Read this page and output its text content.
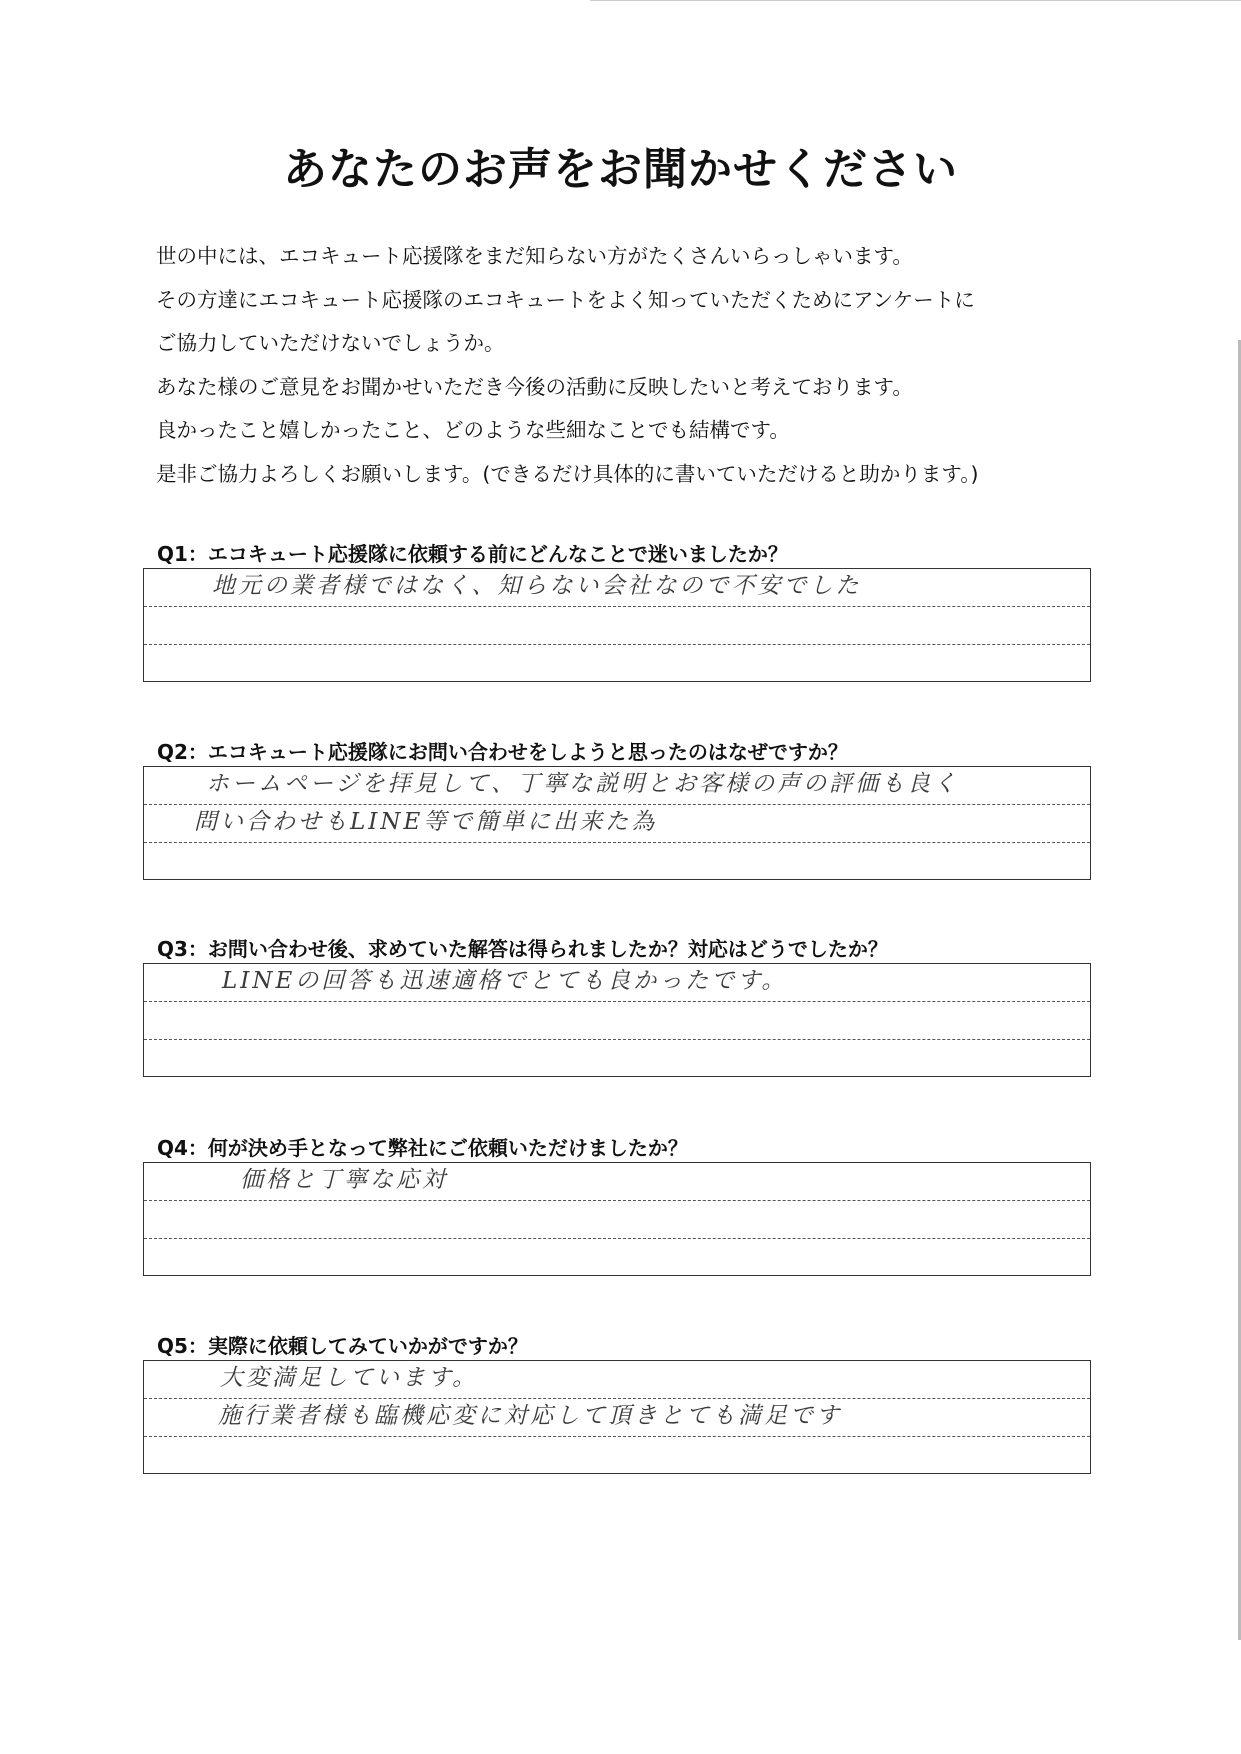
あなたのお声をお聞かせください
世の中には、エコキュート応援隊をまだ知らない方がたくさんいらっしゃいます。
その方達にエコキュート応援隊のエコキュートをよく知っていただくためにアンケートに
ご協力していただけないでしょうか。
あなた様のご意見をお聞かせいただき今後の活動に反映したいと考えております。
良かったこと嬉しかったこと、どのような些細なことでも結構です。
是非ご協力よろしくお願いします。(できるだけ具体的に書いていただけると助かります。)
Q1：エコキュート応援隊に依頼する前にどんなことで迷いましたか？
地元の業者様ではなく、知らない会社なので不安でした
Q2：エコキュート応援隊にお問い合わせをしようと思ったのはなぜですか？
ホームページを拝見して、丁寧な説明とお客様の声の評価も良く
問い合わせもLINE等で簡単に出来た為
Q3：お問い合わせ後、求めていた解答は得られましたか？対応はどうでしたか？
LINEの回答も迅速適格でとても良かったです。
Q4：何が決め手となって弊社にご依頼いただけましたか？
価格と丁寧な応対
Q5：実際に依頼してみていかがですか？
大変満足しています。
施行業者様も臨機応変に対応して頂きとても満足です
